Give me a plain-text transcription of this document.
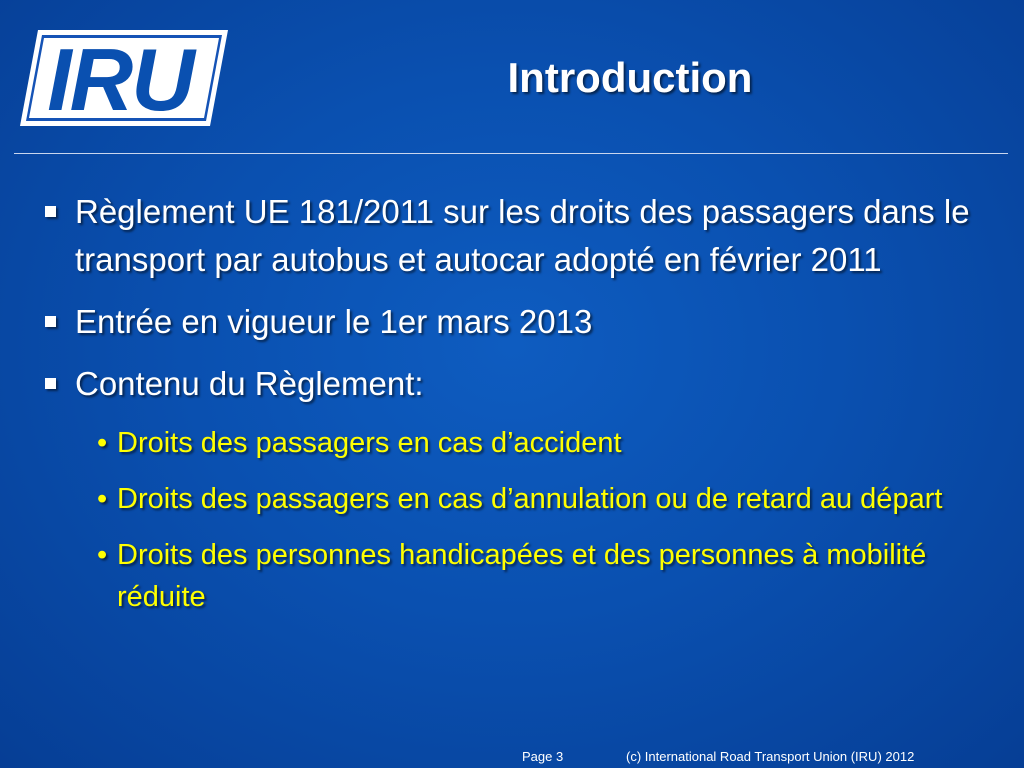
IRU	Introduction
Règlement UE 181/2011 sur les droits des passagers dans le transport par autobus et autocar adopté en février 2011
Entrée en vigueur le 1er mars 2013
Contenu du Règlement:
• Droits des passagers en cas d’accident
• Droits des passagers en cas d’annulation ou de retard au départ
• Droits des personnes handicapées et des personnes à mobilité réduite
Page 3	(c) International Road Transport Union (IRU) 2012
